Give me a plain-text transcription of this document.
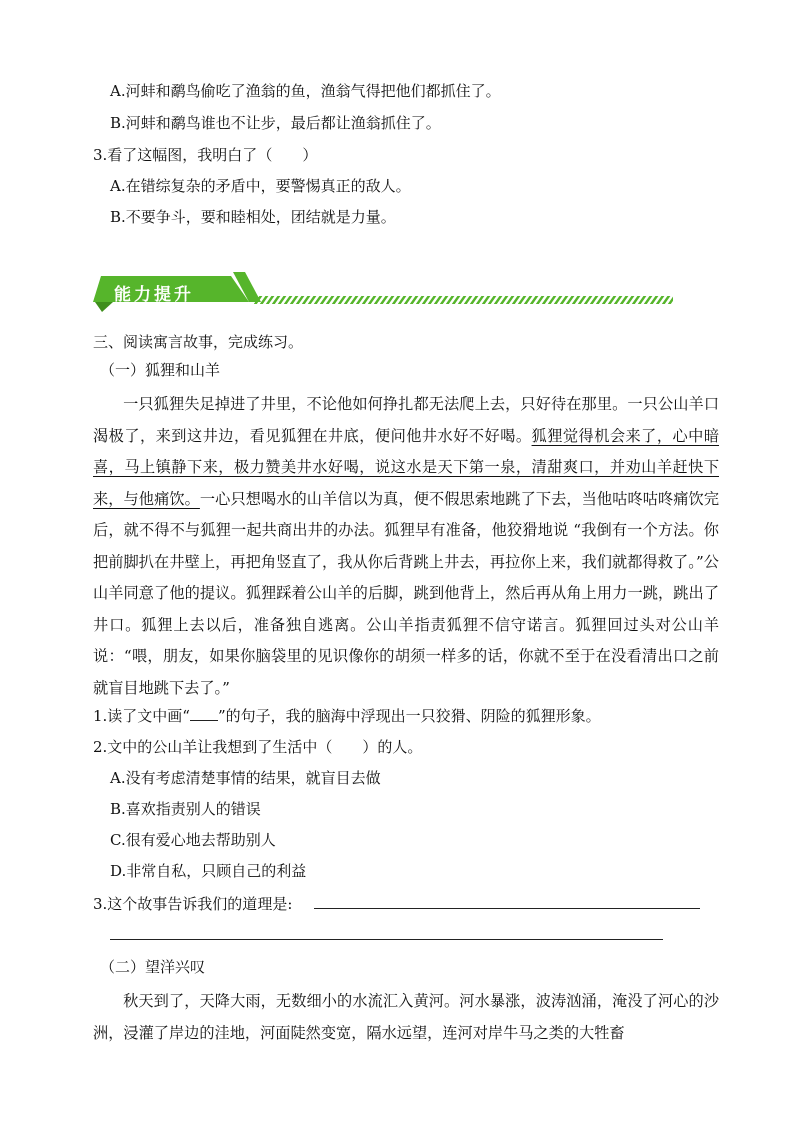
A.河蚌和鹬鸟偷吃了渔翁的鱼，渔翁气得把他们都抓住了。
B.河蚌和鹬鸟谁也不让步，最后都让渔翁抓住了。
3.看了这幅图，我明白了（　　）
A.在错综复杂的矛盾中，要警惕真正的敌人。
B.不要争斗，要和睦相处，团结就是力量。
能力提升
三、阅读寓言故事，完成练习。
（一）狐狸和山羊
一只狐狸失足掉进了井里，不论他如何挣扎都无法爬上去，只好待在那里。一只公山羊口渴极了，来到这井边，看见狐狸在井底，便问他井水好不好喝。狐狸觉得机会来了，心中暗喜，马上镇静下来，极力赞美井水好喝，说这水是天下第一泉，清甜爽口，并劝山羊赶快下来，与他痛饮。一心只想喝水的山羊信以为真，便不假思索地跳了下去，当他咕咚咕咚痛饮完后，就不得不与狐狸一起共商出井的办法。狐狸早有准备，他狡猾地说 “我倒有一个方法。你把前脚扒在井壁上，再把角竖直了，我从你后背跳上井去，再拉你上来，我们就都得救了。”公山羊同意了他的提议。狐狸踩着公山羊的后脚，跳到他背上，然后再从角上用力一跳，跳出了井口。狐狸上去以后，准备独自逃离。公山羊指责狐狸不信守诺言。狐狸回过头对公山羊说：“喂，朋友，如果你脑袋里的见识像你的胡须一样多的话，你就不至于在没看清出口之前就盲目地跳下去了。”
1.读了文中画“ ”的句子，我的脑海中浮现出一只狡猾、阴险的狐狸形象。
2.文中的公山羊让我想到了生活中（　　）的人。
A.没有考虑清楚事情的结果，就盲目去做
B.喜欢指责别人的错误
C.很有爱心地去帮助别人
D.非常自私，只顾自己的利益
3.这个故事告诉我们的道理是:
（二）望洋兴叹
秋天到了，天降大雨，无数细小的水流汇入黄河。河水暴涨，波涛汹涌，淹没了河心的沙洲，浸灌了岸边的洼地，河面陡然变宽，隔水远望，连河对岸牛马之类的大牲畜
